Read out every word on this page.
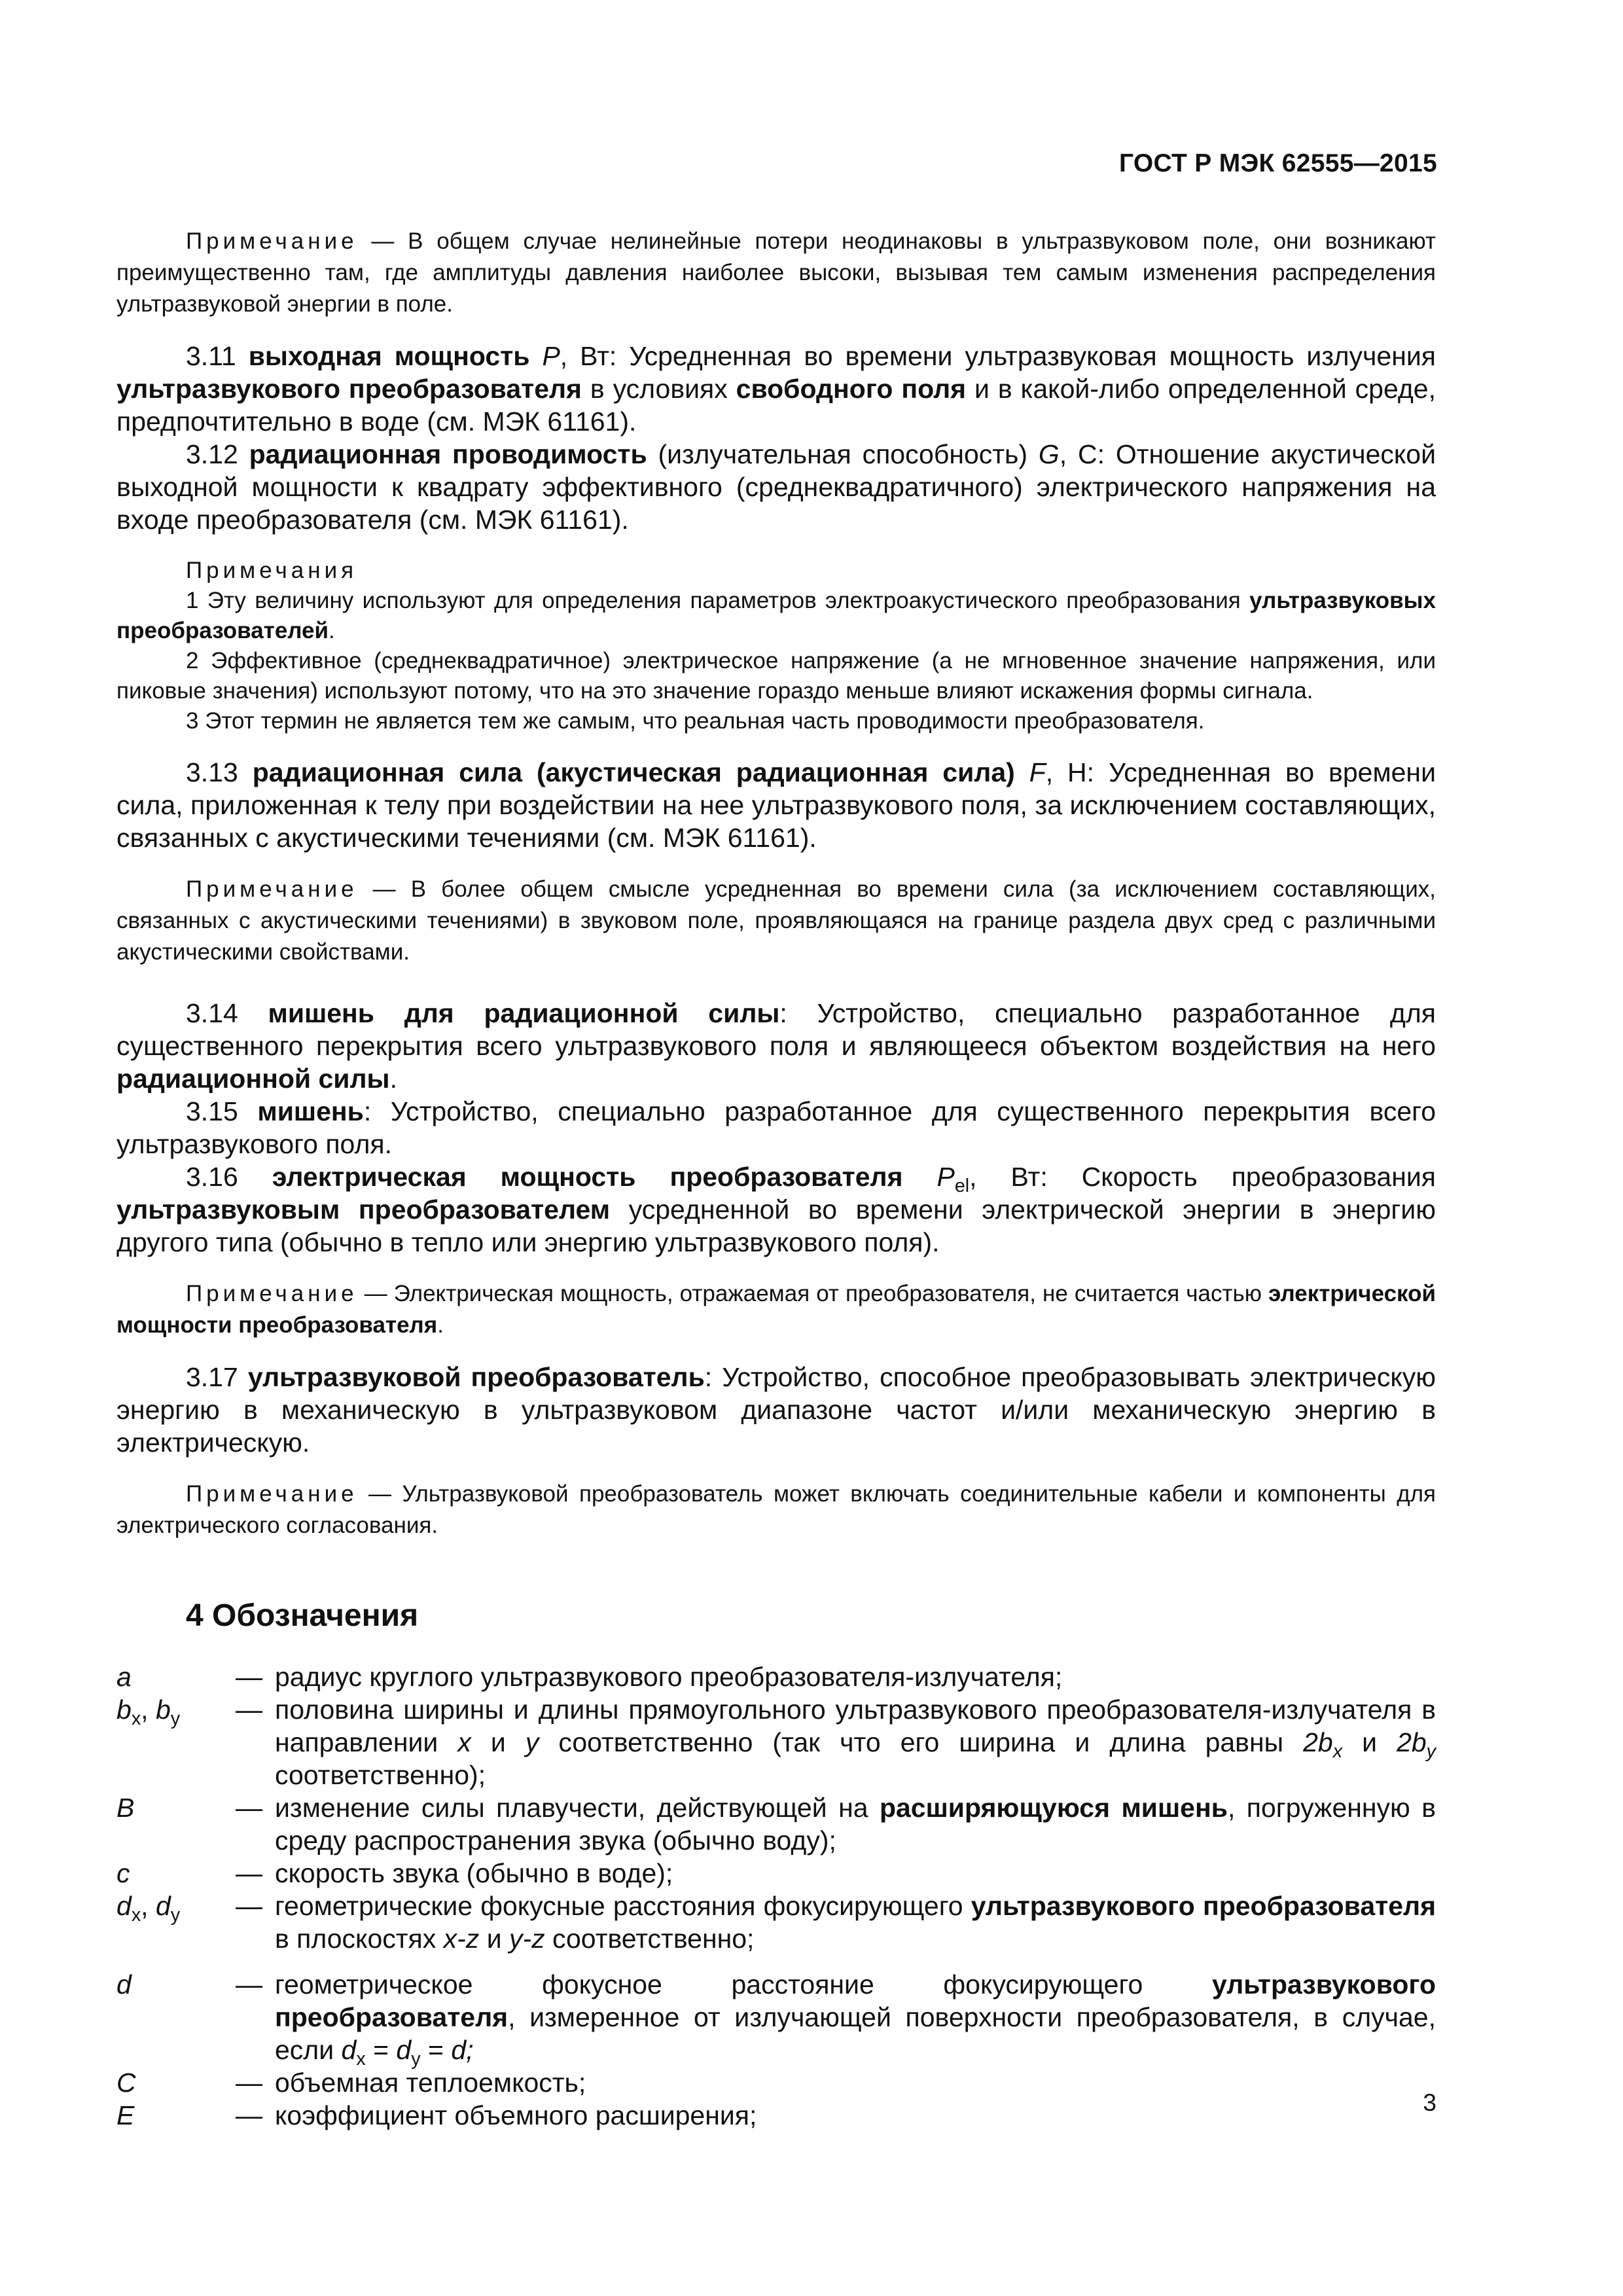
ГОСТ Р МЭК 62555—2015

Примечание — В общем случае нелинейные потери неодинаковы в ультразвуковом поле, они возникают преимущественно там, где амплитуды давления наиболее высоки, вызывая тем самым изменения распределения ультразвуковой энергии в поле.

3.11 выходная мощность P, Вт: Усредненная во времени ультразвуковая мощность излучения ультразвукового преобразователя в условиях свободного поля и в какой-либо определенной среде, предпочтительно в воде (см. МЭК 61161).

3.12 радиационная проводимость (излучательная способность) G, С: Отношение акустической выходной мощности к квадрату эффективного (среднеквадратичного) электрического напряжения на входе преобразователя (см. МЭК 61161).

Примечания

1 Эту величину используют для определения параметров электроакустического преобразования ультразвуковых преобразователей.

2 Эффективное (среднеквадратичное) электрическое напряжение (а не мгновенное значение напряжения, или пиковые значения) используют потому, что на это значение гораздо меньше влияют искажения формы сигнала.

3 Этот термин не является тем же самым, что реальная часть проводимости преобразователя.

3.13 радиационная сила (акустическая радиационная сила) F, Н: Усредненная во времени сила, приложенная к телу при воздействии на нее ультразвукового поля, за исключением составляющих, связанных с акустическими течениями (см. МЭК 61161).

Примечание — В более общем смысле усредненная во времени сила (за исключением составляющих, связанных с акустическими течениями) в звуковом поле, проявляющаяся на границе раздела двух сред с различными акустическими свойствами.

3.14 мишень для радиационной силы: Устройство, специально разработанное для существенного перекрытия всего ультразвукового поля и являющееся объектом воздействия на него радиационной силы.

3.15 мишень: Устройство, специально разработанное для существенного перекрытия всего ультразвукового поля.

3.16 электрическая мощность преобразователя $P_{el}$, Вт: Скорость преобразования ультразвуковым преобразователем усредненной во времени электрической энергии в энергию другого типа (обычно в тепло или энергию ультразвукового поля).

Примечание — Электрическая мощность, отражаемая от преобразователя, не считается частью электрической мощности преобразователя.

3.17 ультразвуковой преобразователь: Устройство, способное преобразовывать электрическую энергию в механическую в ультразвуковом диапазоне частот и/или механическую энергию в электрическую.

Примечание — Ультразвуковой преобразователь может включать соединительные кабели и компоненты для электрического согласования.

4 Обозначения
a	— радиус круглого ультразвукового преобразователя-излучателя;
$b_x$, $b_y$	— половина ширины и длины прямоугольного ультразвукового преобразователя-излучателя в направлении x и y соответственно (так что его ширина и длина равны $2b_x$ и $2b_y$ соответственно);
B	— изменение силы плавучести, действующей на расширяющуюся мишень, погруженную в среду распространения звука (обычно воду);
c	— скорость звука (обычно в воде);
$d_x$, $d_y$	— геометрические фокусные расстояния фокусирующего ультразвукового преобразователя в плоскостях x-z и y-z соответственно;
d	— геометрическое фокусное расстояние фокусирующего ультразвукового преобразователя, измеренное от излучающей поверхности преобразователя, в случае, если $d_x = d_y = d$;
C	— объемная теплоемкость;
E	— коэффициент объемного расширения;	3
